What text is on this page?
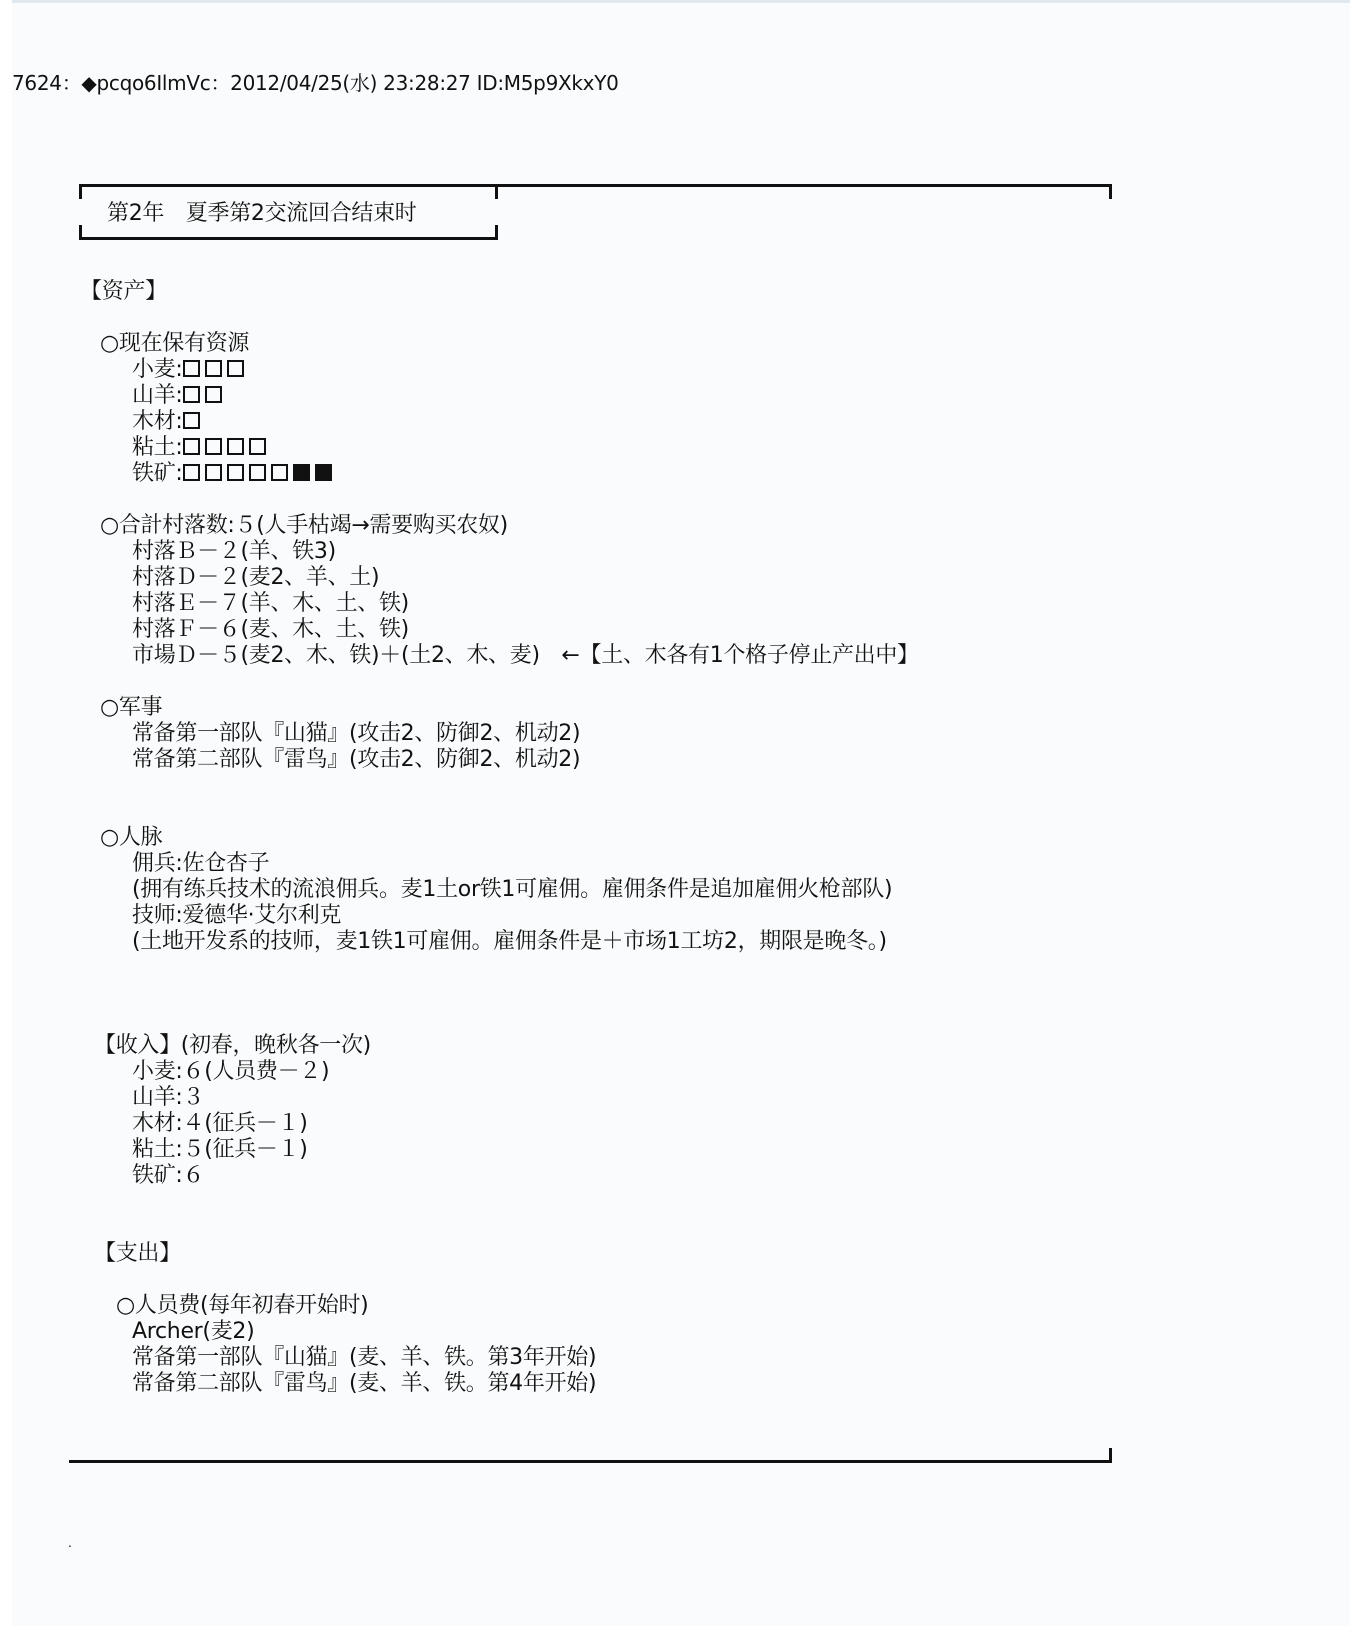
7624：◆pcqo6IlmVc：2012/04/25(水) 23:28:27 ID:M5p9XkxY0
第2年　夏季第2交流回合结束时
【资产】
○现在保有资源
小麦:
山羊:
木材:
粘土:
铁矿:
○合計村落数:５(人手枯竭→需要购买农奴)
村落Ｂ－２(羊、铁3)
村落Ｄ－２(麦2、羊、土)
村落Ｅ－７(羊、木、土、铁)
村落Ｆ－６(麦、木、土、铁)
市場Ｄ－５(麦2、木、铁)＋(土2、木、麦)　←【土、木各有1个格子停止产出中】
○军事
常备第一部队『山猫』(攻击2、防御2、机动2)
常备第二部队『雷鸟』(攻击2、防御2、机动2)
○人脉
佣兵:佐仓杏子
(拥有练兵技术的流浪佣兵。麦1土or铁1可雇佣。雇佣条件是追加雇佣火枪部队)
技师:爱德华·艾尔利克
(土地开发系的技师，麦1铁1可雇佣。雇佣条件是＋市场1工坊2，期限是晚冬。)
【收入】(初春，晚秋各一次)
小麦:６(人员费－２)
山羊:３
木材:４(征兵－１)
粘土:５(征兵－１)
铁矿:６
【支出】
○人员费(每年初春开始时)
Archer(麦2)
常备第一部队『山猫』(麦、羊、铁。第3年开始)
常备第二部队『雷鸟』(麦、羊、铁。第4年开始)
.
